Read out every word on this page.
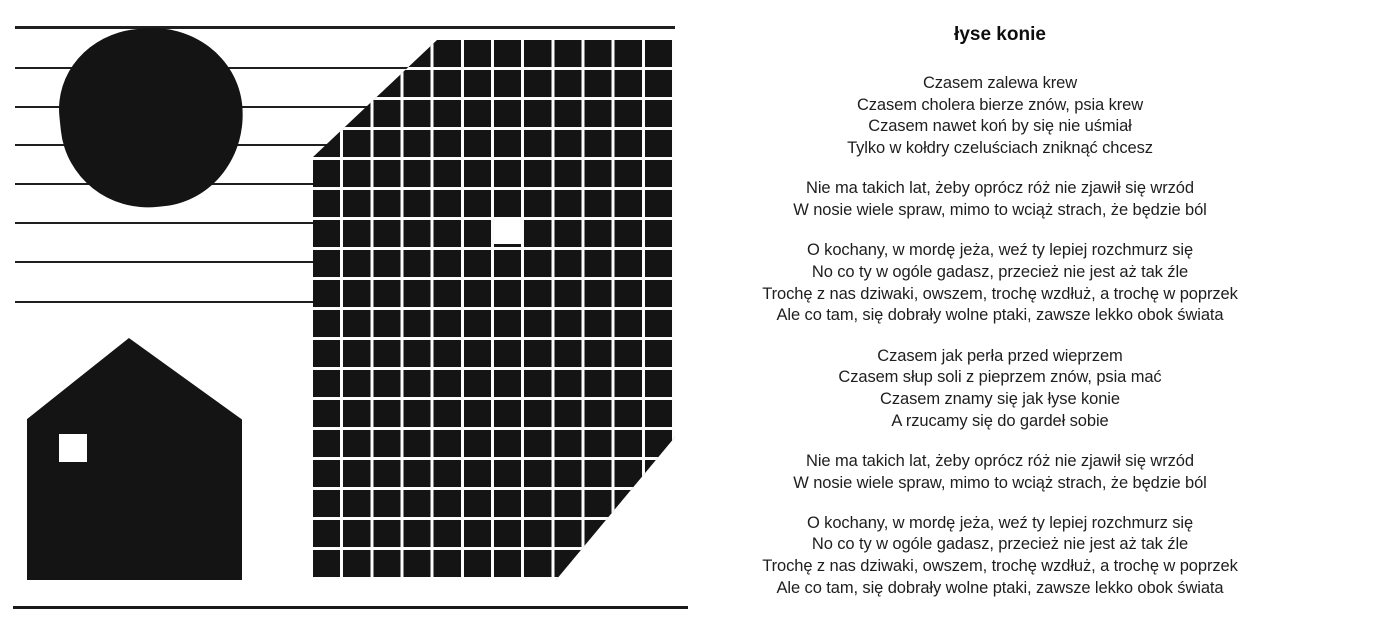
łyse konie
Czasem zalewa krew
Czasem cholera bierze znów, psia krew
Czasem nawet koń by się nie uśmiał
Tylko w kołdry czeluściach zniknąć chcesz
Nie ma takich lat, żeby oprócz róż nie zjawił się wrzód
W nosie wiele spraw, mimo to wciąż strach, że będzie ból
O kochany, w mordę jeża, weź ty lepiej rozchmurz się
No co ty w ogóle gadasz, przecież nie jest aż tak źle
Trochę z nas dziwaki, owszem, trochę wzdłuż, a trochę w poprzek
Ale co tam, się dobrały wolne ptaki, zawsze lekko obok świata
Czasem jak perła przed wieprzem
Czasem słup soli z pieprzem znów, psia mać
Czasem znamy się jak łyse konie
A rzucamy się do gardeł sobie
Nie ma takich lat, żeby oprócz róż nie zjawił się wrzód
W nosie wiele spraw, mimo to wciąż strach, że będzie ból
O kochany, w mordę jeża, weź ty lepiej rozchmurz się
No co ty w ogóle gadasz, przecież nie jest aż tak źle
Trochę z nas dziwaki, owszem, trochę wzdłuż, a trochę w poprzek
Ale co tam, się dobrały wolne ptaki, zawsze lekko obok świata
